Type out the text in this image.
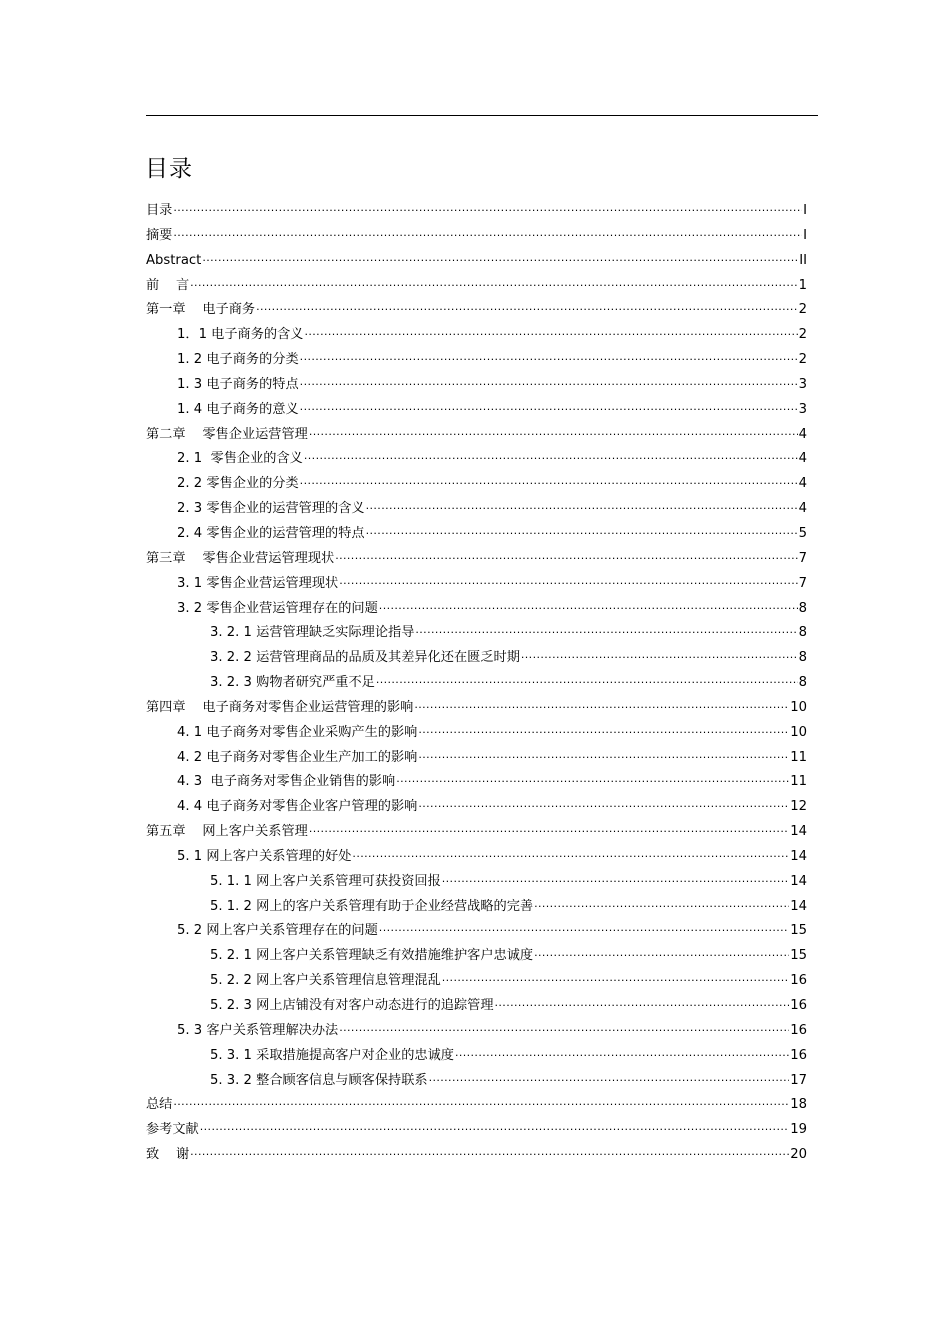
目录
目录 .....	I
摘要 .....	I
Abstract .....	II
前    言 .....	1
第一章    电子商务 .....	2
1．1 电子商务的含义 .....	2
1. 2 电子商务的分类 .....	2
1. 3 电子商务的特点 .....	3
1. 4 电子商务的意义 .....	3
第二章    零售企业运营管理 .....	4
2. 1  零售企业的含义 .....	4
2. 2 零售企业的分类 .....	4
2. 3 零售企业的运营管理的含义 .....	4
2. 4 零售企业的运营管理的特点 .....	5
第三章    零售企业营运管理现状 .....	7
3. 1 零售企业营运管理现状 .....	7
3. 2 零售企业营运管理存在的问题 .....	8
3. 2. 1 运营管理缺乏实际理论指导 .....	8
3. 2. 2 运营管理商品的品质及其差异化还在匮乏时期 .....	8
3. 2. 3 购物者研究严重不足 .....	8
第四章    电子商务对零售企业运营管理的影响 .....	10
4. 1 电子商务对零售企业采购产生的影响 .....	10
4. 2 电子商务对零售企业生产加工的影响 .....	11
4. 3  电子商务对零售企业销售的影响 .....	11
4. 4 电子商务对零售企业客户管理的影响 .....	12
第五章    网上客户关系管理 .....	14
5. 1 网上客户关系管理的好处 .....	14
5. 1. 1 网上客户关系管理可获投资回报 .....	14
5. 1. 2 网上的客户关系管理有助于企业经营战略的完善 .....	14
5. 2 网上客户关系管理存在的问题 .....	15
5. 2. 1 网上客户关系管理缺乏有效措施维护客户忠诚度 .....	15
5. 2. 2 网上客户关系管理信息管理混乱 .....	16
5. 2. 3 网上店铺没有对客户动态进行的追踪管理 .....	16
5. 3 客户关系管理解决办法 .....	16
5. 3. 1 采取措施提高客户对企业的忠诚度 .....	16
5. 3. 2 整合顾客信息与顾客保持联系 .....	17
总结 .....	18
参考文献 .....	19
致    谢 .....	20
